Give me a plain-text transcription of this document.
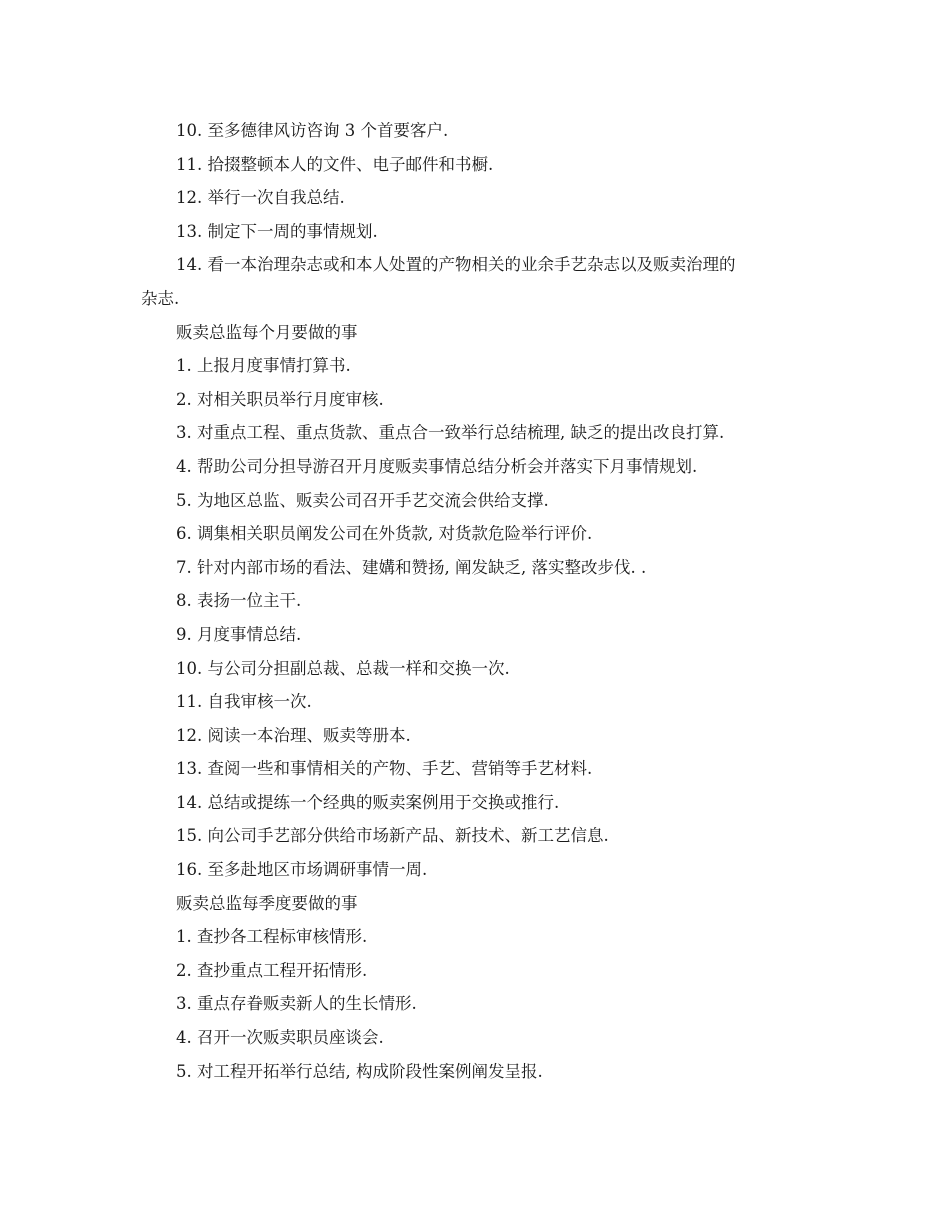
10. 至多德律风访咨询 3 个首要客户.
11. 拾掇整顿本人的文件、电子邮件和书橱.
12. 举行一次自我总结.
13. 制定下一周的事情规划.
14. 看一本治理杂志或和本人处置的产物相关的业余手艺杂志以及贩卖治理的
杂志.
贩卖总监每个月要做的事
1. 上报月度事情打算书.
2. 对相关职员举行月度审核.
3. 对重点工程、重点货款、重点合一致举行总结梳理, 缺乏的提出改良打算.
4. 帮助公司分担导游召开月度贩卖事情总结分析会并落实下月事情规划.
5. 为地区总监、贩卖公司召开手艺交流会供给支撑.
6. 调集相关职员阐发公司在外货款, 对货款危险举行评价.
7. 针对内部市场的看法、建媾和赞扬, 阐发缺乏, 落实整改步伐. .
8. 表扬一位主干.
9. 月度事情总结.
10. 与公司分担副总裁、总裁一样和交换一次.
11. 自我审核一次.
12. 阅读一本治理、贩卖等册本.
13. 查阅一些和事情相关的产物、手艺、营销等手艺材料.
14. 总结或提练一个经典的贩卖案例用于交换或推行.
15. 向公司手艺部分供给市场新产品、新技术、新工艺信息.
16. 至多赴地区市场调研事情一周.
贩卖总监每季度要做的事
1. 查抄各工程标审核情形.
2. 查抄重点工程开拓情形.
3. 重点存眷贩卖新人的生长情形.
4. 召开一次贩卖职员座谈会.
5. 对工程开拓举行总结, 构成阶段性案例阐发呈报.
